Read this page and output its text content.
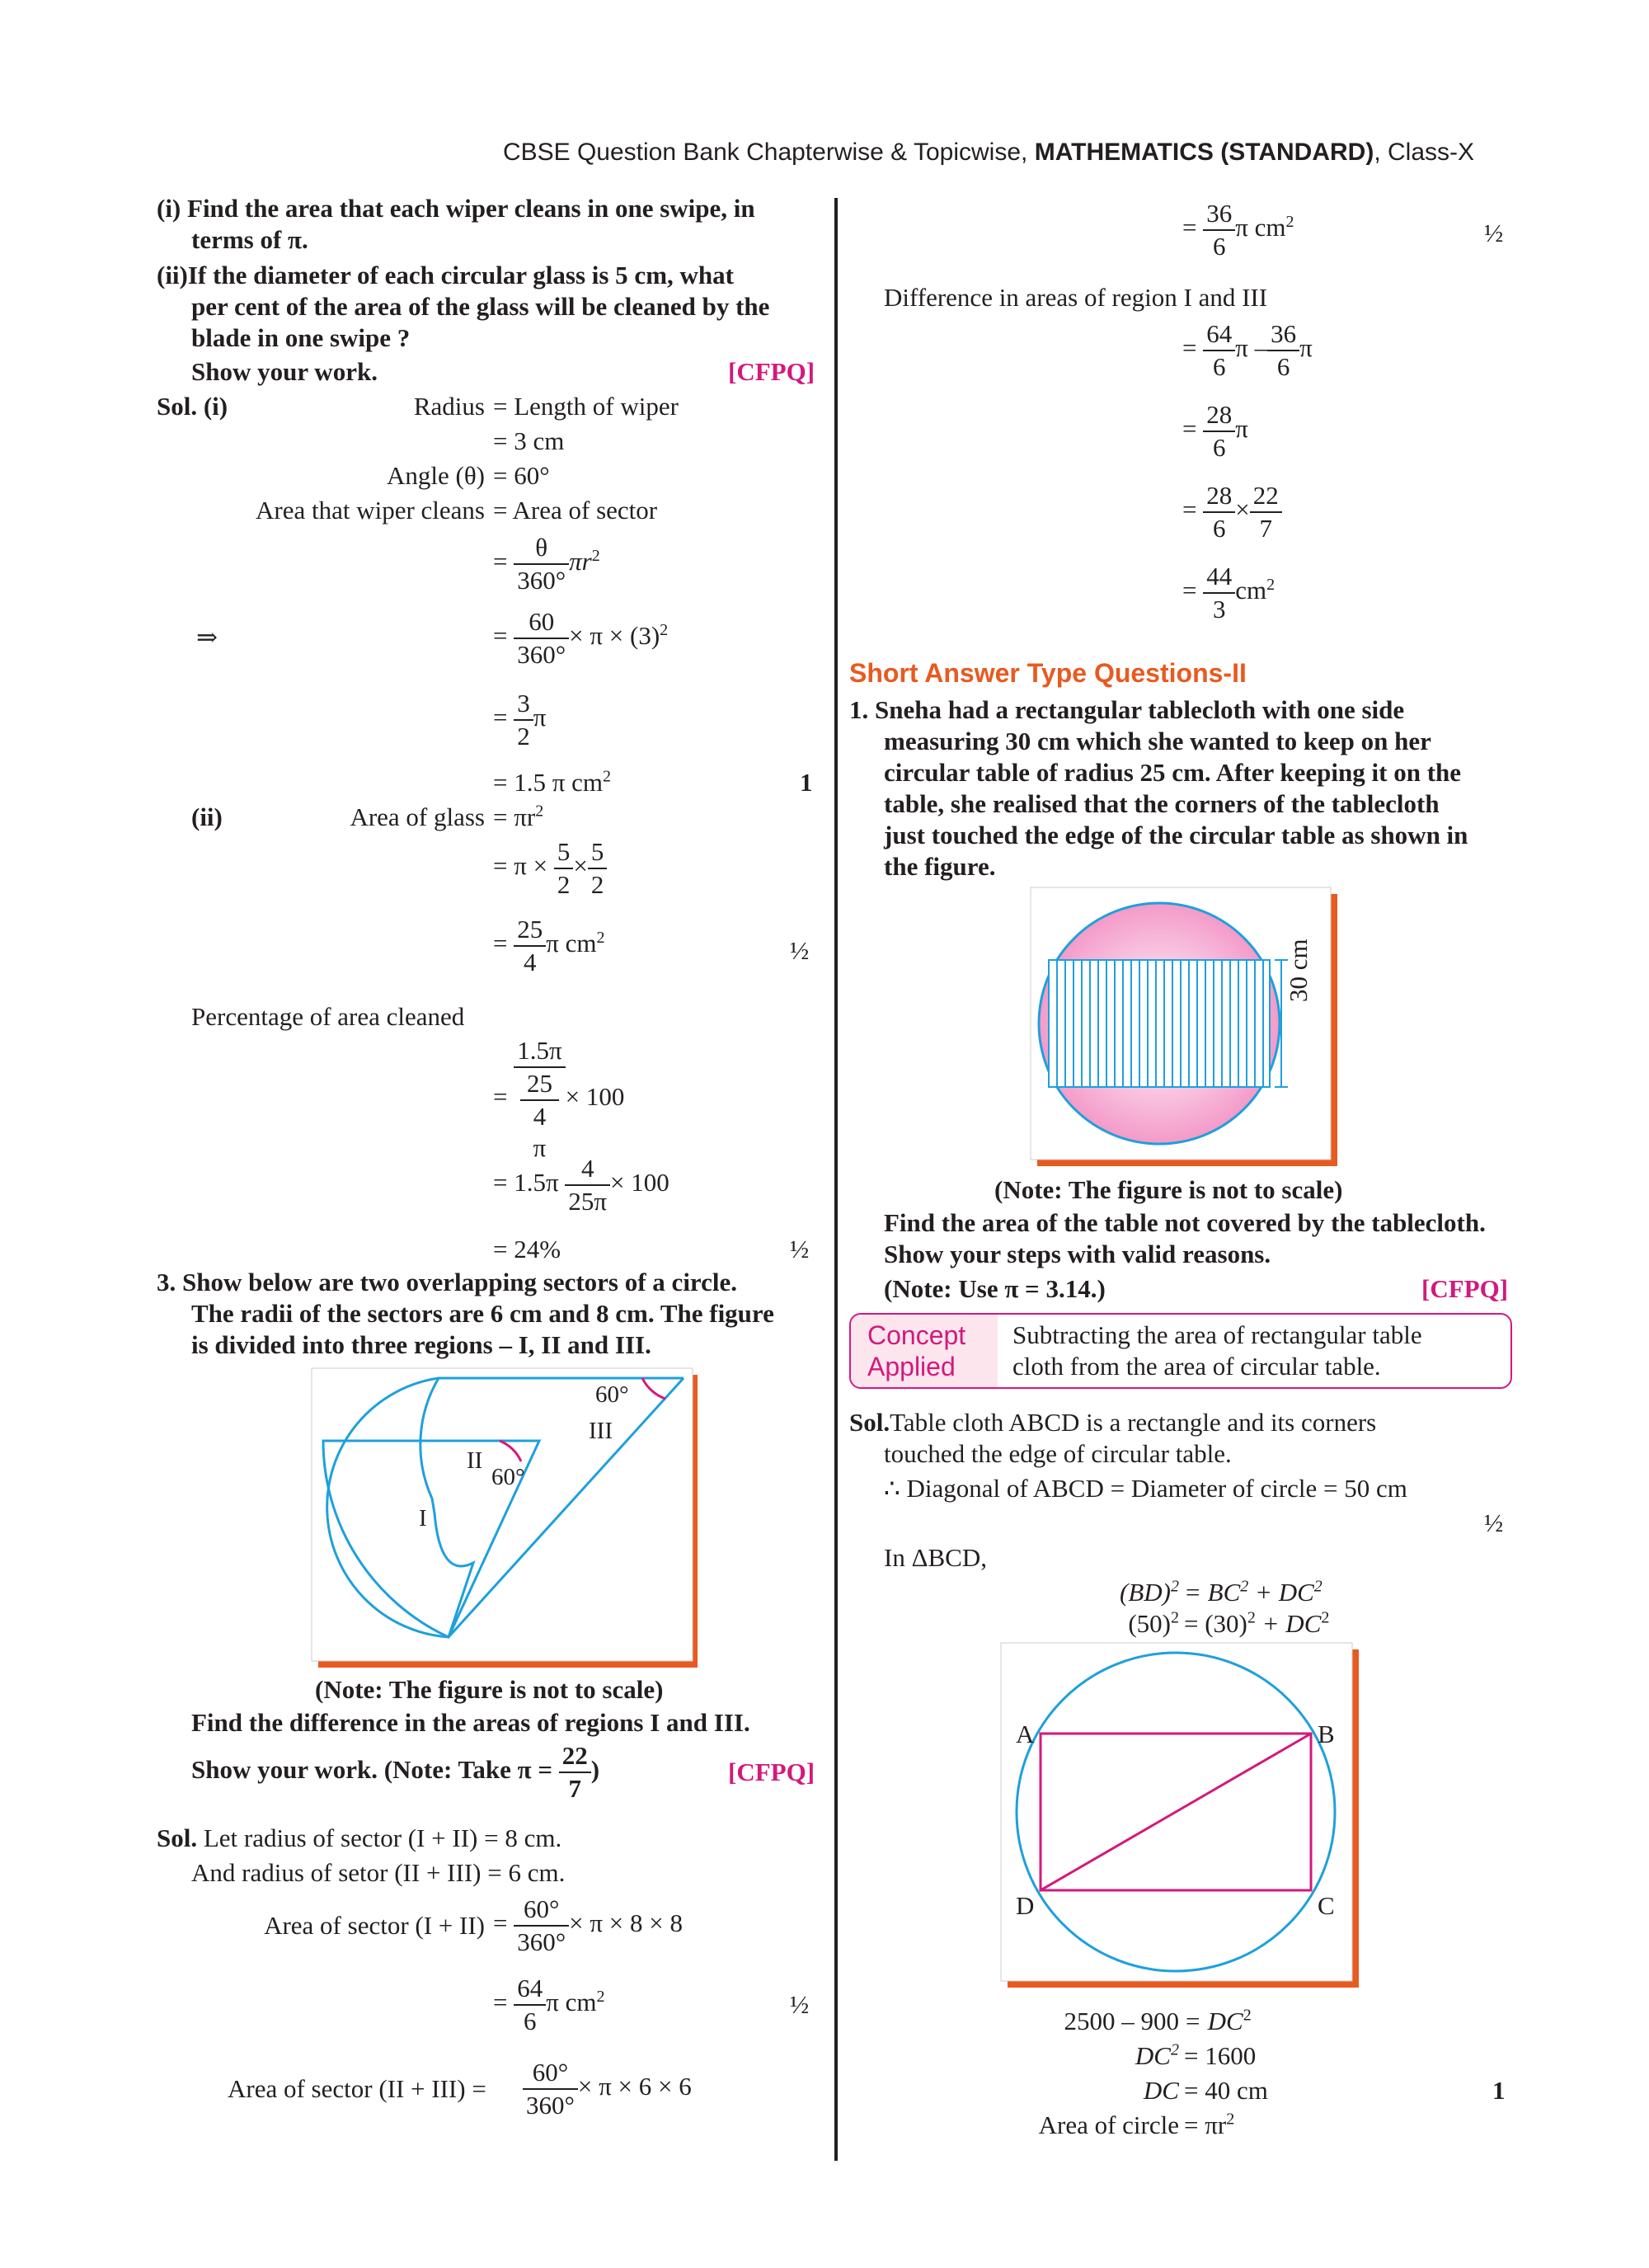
CBSE Question Bank Chapterwise & Topicwise, MATHEMATICS (STANDARD), Class-X
(i) Find the area that each wiper cleans in one swipe, in
terms of π.
(ii)If the diameter of each circular glass is 5 cm, what
per cent of the area of the glass will be cleaned by the
blade in one swipe ?
Show your work.	[CFPQ]
Sol. (i)	Radius = Length of wiper
= 3 cm
Angle (θ) = 60°
Area that wiper cleans = Area of sector
= $\frac{\theta}{360^\circ} \pi r^2$
⇒	= $\frac{60}{360^\circ} \times \pi \times (3)^2$
= $\frac{3}{2}$ π
= 1.5 π $cm^2$	1
(ii)	Area of glass = $\pi r^2$
= $\pi \times \frac{5}{2} \times \frac{5}{2}$
= $\frac{25}{4}$ π $cm^2$	½
Percentage of area cleaned
= 1.5π
25
4
π × 100
= $1.5\pi \frac{4}{25\pi} \times 100$
= 24%	½
3. Show below are two overlapping sectors of a circle.
The radii of the sectors are 6 cm and 8 cm. The figure
is divided into three regions – I, II and III.
60°
III
II
60°
I
(Note: The figure is not to scale)
Find the difference in the areas of regions I and III.
Show your work. (Note: Take $\pi = \frac{22}{7}$ )	[CFPQ]
Sol. Let radius of sector (I + II) = 8 cm.
And radius of setor (II + III) = 6 cm.
Area of sector $(I + II) = \frac{60^\circ}{360^\circ} \times \pi \times 8 \times 8$
= $\frac{64}{6}$ π $cm^2$	½
Area of sector $(II + III) = \frac{60^\circ}{360^\circ} \times \pi \times 6 \times 6$
= $\frac{36}{6}$ π $cm^2$	½
Difference in areas of region I and III
= $\frac{64}{6}$ π – $\frac{36}{6}$ π
= $\frac{28}{6}$ π
= $\frac{28}{6} \times \frac{22}{7}$
= $\frac{44}{3} cm^2$
Short Answer Type Questions-II
1. Sneha had a rectangular tablecloth with one side
measuring 30 cm which she wanted to keep on her
circular table of radius 25 cm. After keeping it on the
table, she realised that the corners of the tablecloth
just touched the edge of the circular table as shown in
the figure.
30 cm
(Note: The figure is not to scale)
Find the area of the table not covered by the tablecloth.
Show your steps with valid reasons.
(Note: Use π = 3.14.)	[CFPQ]
Concept
Applied
Subtracting the area of rectangular table
cloth from the area of circular table.
Sol.Table cloth ABCD is a rectangle and its corners
touched the edge of circular table.
∴ Diagonal of ABCD = Diameter of circle = 50 cm
½
In ΔBCD,
$(BD)^2 = BC^2 + DC^2$
$(50)^2 = (30)^2 + DC^2$
A	B
C
D
$2500 - 900 = DC^2$
$DC^2 = 1600$
DC = 40 cm	1
Area of circle = $\pi r^2$
